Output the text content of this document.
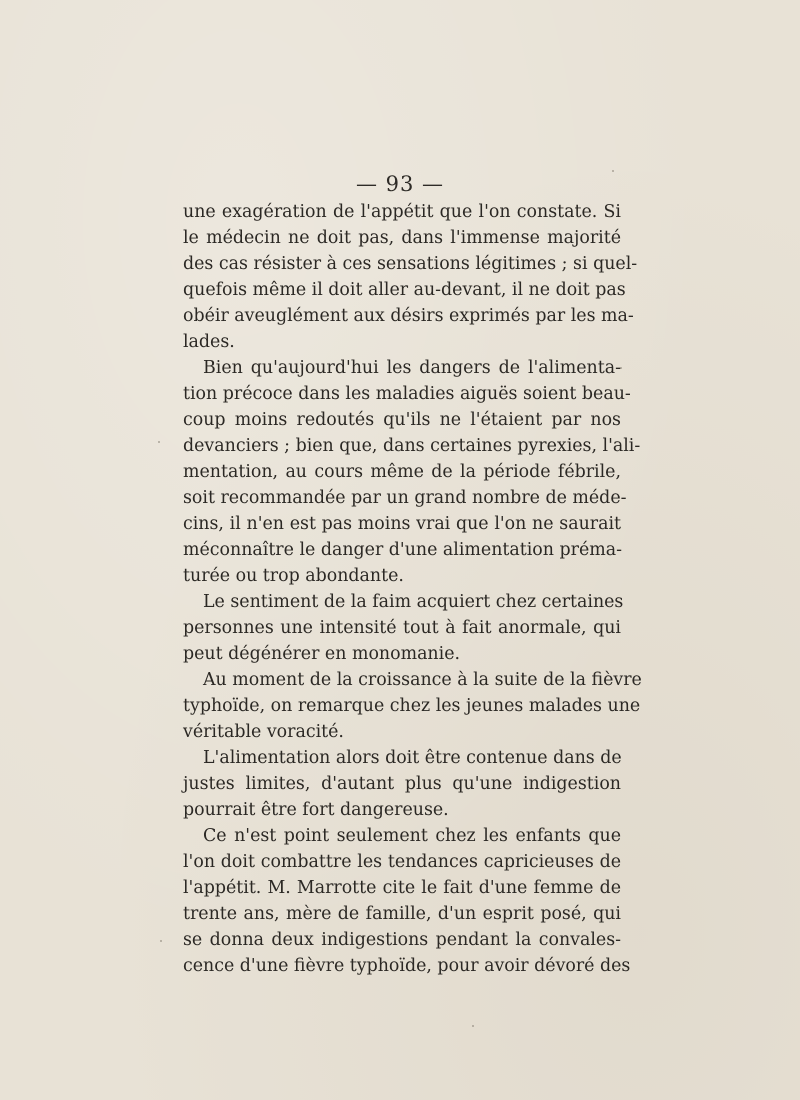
— 93 —
une exagération de l'appétit que l'on constate. Si
le médecin ne doit pas, dans l'immense majorité
des cas résister à ces sensations légitimes ; si quel-
quefois même il doit aller au-devant, il ne doit pas
obéir aveuglément aux désirs exprimés par les ma-
lades.
Bien qu'aujourd'hui les dangers de l'alimenta-
tion précoce dans les maladies aiguës soient beau-
coup moins redoutés qu'ils ne l'étaient par nos
devanciers ; bien que, dans certaines pyrexies, l'ali-
mentation, au cours même de la période fébrile,
soit recommandée par un grand nombre de méde-
cins, il n'en est pas moins vrai que l'on ne saurait
méconnaître le danger d'une alimentation préma-
turée ou trop abondante.
Le sentiment de la faim acquiert chez certaines
personnes une intensité tout à fait anormale, qui
peut dégénérer en monomanie.
Au moment de la croissance à la suite de la fièvre
typhoïde, on remarque chez les jeunes malades une
véritable voracité.
L'alimentation alors doit être contenue dans de
justes limites, d'autant plus qu'une indigestion
pourrait être fort dangereuse.
Ce n'est point seulement chez les enfants que
l'on doit combattre les tendances capricieuses de
l'appétit. M. Marrotte cite le fait d'une femme de
trente ans, mère de famille, d'un esprit posé, qui
se donna deux indigestions pendant la convales-
cence d'une fièvre typhoïde, pour avoir dévoré des
